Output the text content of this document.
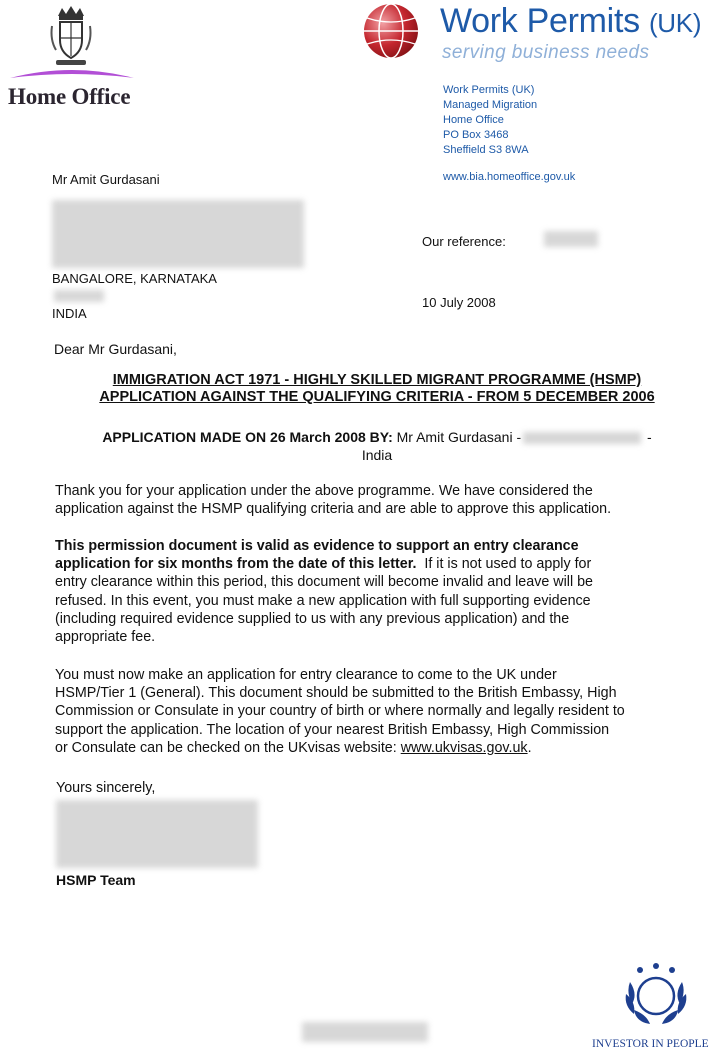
Home Office
Work Permits (UK)
serving business needs
Work Permits (UK)
Managed Migration
Home Office
PO Box 3468
Sheffield S3 8WA
www.bia.homeoffice.gov.uk
Mr Amit Gurdasani
BANGALORE, KARNATAKA
INDIA
Our reference:
10 July 2008
Dear Mr Gurdasani,
IMMIGRATION ACT 1971 - HIGHLY SKILLED MIGRANT PROGRAMME (HSMP)
APPLICATION AGAINST THE QUALIFYING CRITERIA - FROM 5 DECEMBER 2006
APPLICATION MADE ON 26 March 2008 BY: Mr Amit Gurdasani -	-
India
Thank you for your application under the above programme. We have considered the
application against the HSMP qualifying criteria and are able to approve this application.
This permission document is valid as evidence to support an entry clearance
application for six months from the date of this letter.  If it is not used to apply for
entry clearance within this period, this document will become invalid and leave will be
refused. In this event, you must make a new application with full supporting evidence
(including required evidence supplied to us with any previous application) and the
appropriate fee.
You must now make an application for entry clearance to come to the UK under
HSMP/Tier 1 (General). This document should be submitted to the British Embassy, High
Commission or Consulate in your country of birth or where normally and legally resident to
support the application. The location of your nearest British Embassy, High Commission
or Consulate can be checked on the UKvisas website: www.ukvisas.gov.uk.
Yours sincerely,
HSMP Team
INVESTOR IN PEOPLE
